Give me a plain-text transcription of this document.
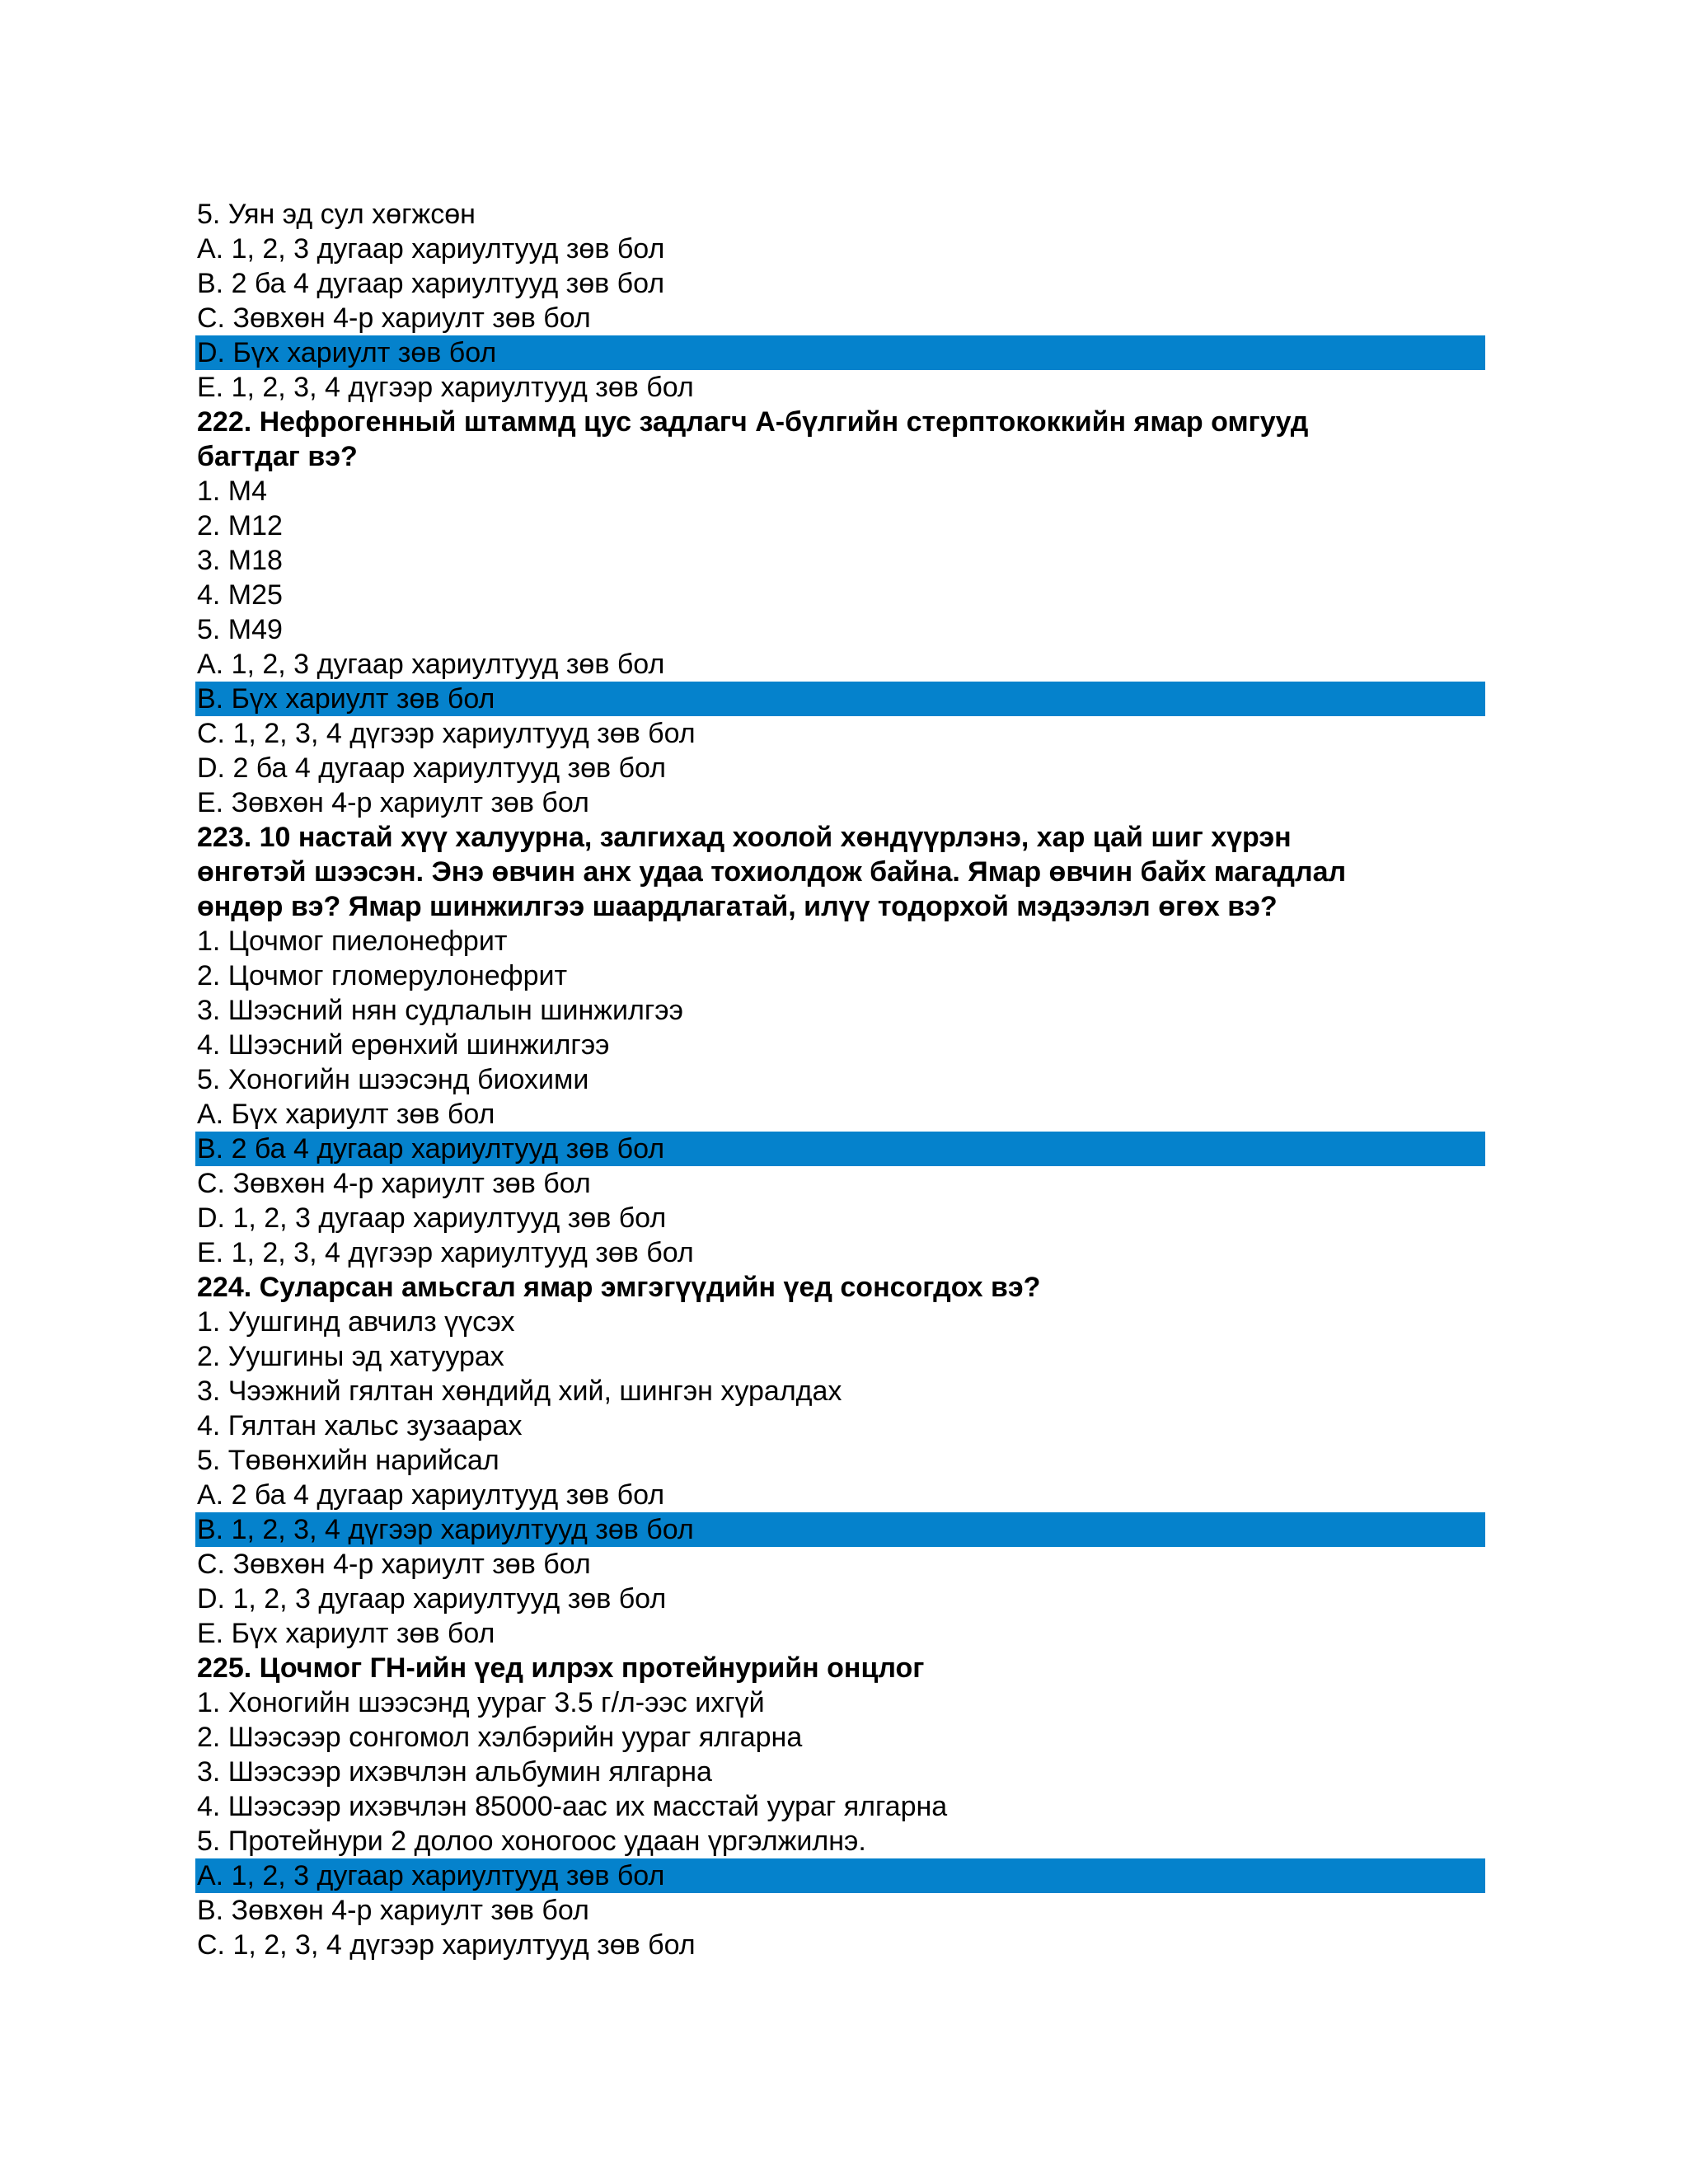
5. Уян эд сул хөгжсөн
A. 1, 2, 3 дугаар хариултууд зөв бол
B. 2 ба 4 дугаар хариултууд зөв бол
C. Зөвхөн 4-р хариулт зөв бол
D. Бүх хариулт зөв бол
E. 1, 2, 3, 4 дүгээр хариултууд зөв бол
222. Нефрогенный штаммд цус задлагч А-бүлгийн стерптококкийн ямар омгууд
багтдаг вэ?
1. M4
2. M12
3. M18
4. M25
5. M49
A. 1, 2, 3 дугаар хариултууд зөв бол
B. Бүх хариулт зөв бол
C. 1, 2, 3, 4 дүгээр хариултууд зөв бол
D. 2 ба 4 дугаар хариултууд зөв бол
E. Зөвхөн 4-р хариулт зөв бол
223. 10 настай хүү халуурна, залгихад хоолой хөндүүрлэнэ, хар цай шиг хүрэн
өнгөтэй шээсэн. Энэ өвчин анх удаа тохиолдож байна. Ямар өвчин байх магадлал
өндөр вэ? Ямар шинжилгээ шаардлагатай, илүү тодорхой мэдээлэл өгөх вэ?
1. Цочмог пиелонефрит
2. Цочмог гломерулонефрит
3. Шээсний нян судлалын шинжилгээ
4. Шээсний ерөнхий шинжилгээ
5. Хоногийн шээсэнд биохими
A. Бүх хариулт зөв бол
B. 2 ба 4 дугаар хариултууд зөв бол
C. Зөвхөн 4-р хариулт зөв бол
D. 1, 2, 3 дугаар хариултууд зөв бол
E. 1, 2, 3, 4 дүгээр хариултууд зөв бол
224. Суларсан амьсгал ямар эмгэгүүдийн үед сонсогдох вэ?
1. Уушгинд авчилз үүсэх
2. Уушгины эд хатуурах
3. Чээжний гялтан хөндийд хий, шингэн хуралдах
4. Гялтан хальс зузаарах
5. Төвөнхийн нарийсал
A. 2 ба 4 дугаар хариултууд зөв бол
B. 1, 2, 3, 4 дүгээр хариултууд зөв бол
C. Зөвхөн 4-р хариулт зөв бол
D. 1, 2, 3 дугаар хариултууд зөв бол
E. Бүх хариулт зөв бол
225. Цочмог ГН-ийн үед илрэх протейнурийн онцлог
1. Хоногийн шээсэнд уураг 3.5 г/л-ээс ихгүй
2. Шээсээр сонгомол хэлбэрийн уураг ялгарна
3. Шээсээр ихэвчлэн альбумин ялгарна
4. Шээсээр ихэвчлэн 85000-аас их масстай уураг ялгарна
5. Протейнури 2 долоо хоногоос удаан үргэлжилнэ.
A. 1, 2, 3 дугаар хариултууд зөв бол
B. Зөвхөн 4-р хариулт зөв бол
C. 1, 2, 3, 4 дүгээр хариултууд зөв бол
